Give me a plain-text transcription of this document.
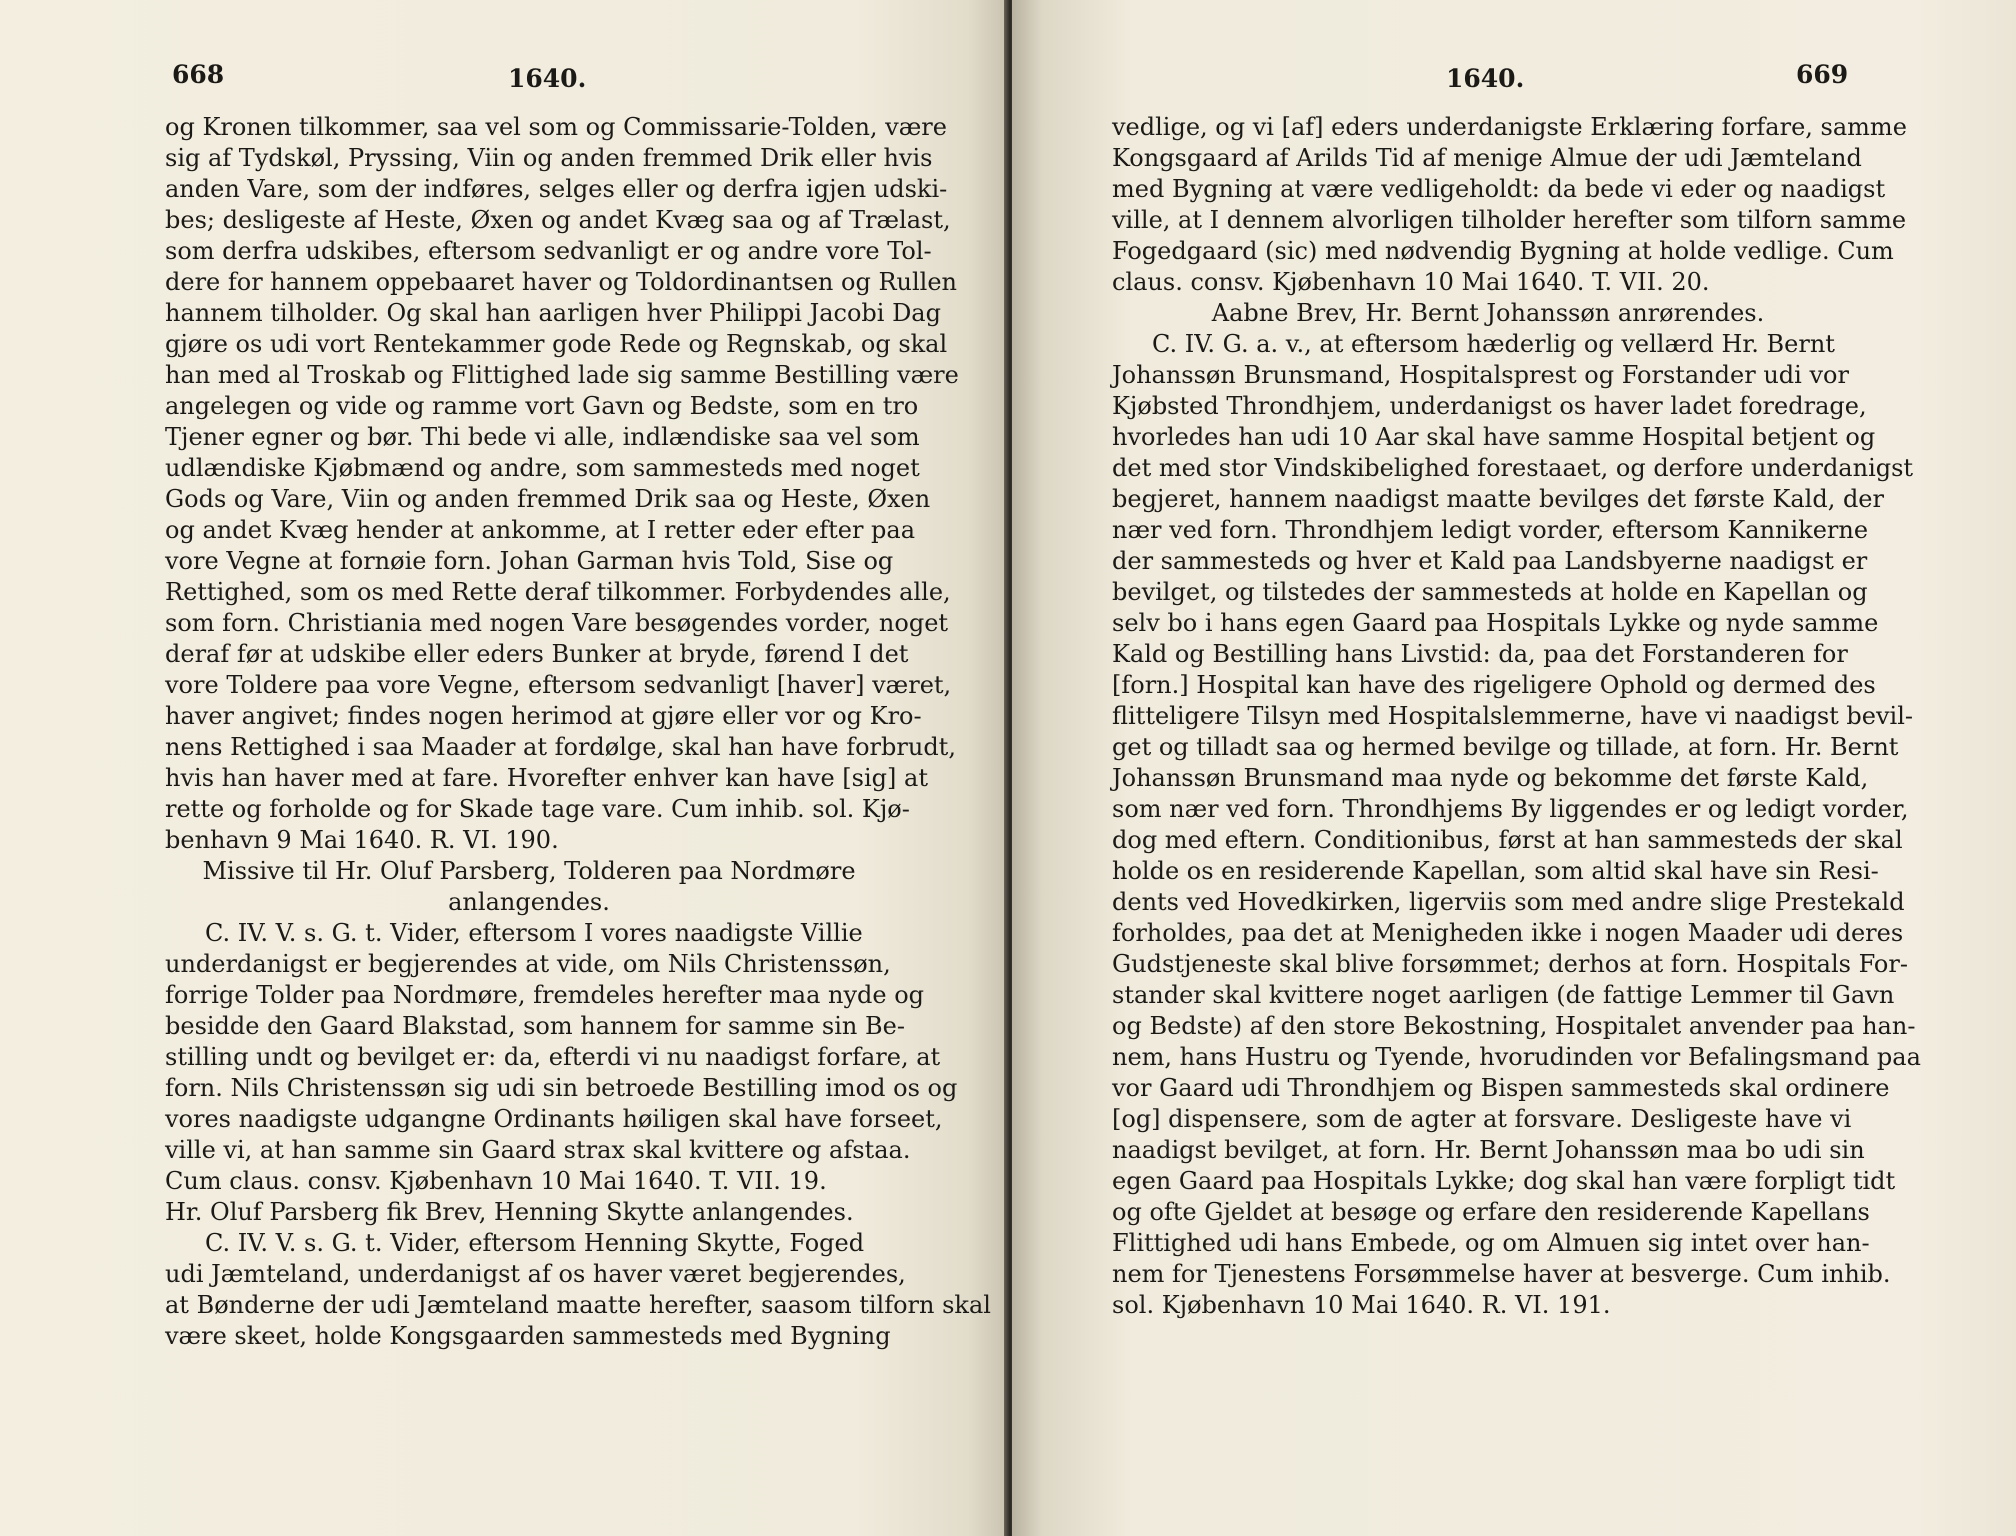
668	1640.
og Kronen tilkommer, saa vel som og Commissarie-Tolden, være
sig af Tydskøl, Pryssing, Viin og anden fremmed Drik eller hvis
anden Vare, som der indføres, selges eller og derfra igjen udski-
bes; desligeste af Heste, Øxen og andet Kvæg saa og af Trælast,
som derfra udskibes, eftersom sedvanligt er og andre vore Tol-
dere for hannem oppebaaret haver og Toldordinantsen og Rullen
hannem tilholder. Og skal han aarligen hver Philippi Jacobi Dag
gjøre os udi vort Rentekammer gode Rede og Regnskab, og skal
han med al Troskab og Flittighed lade sig samme Bestilling være
angelegen og vide og ramme vort Gavn og Bedste, som en tro
Tjener egner og bør. Thi bede vi alle, indlændiske saa vel som
udlændiske Kjøbmænd og andre, som sammesteds med noget
Gods og Vare, Viin og anden fremmed Drik saa og Heste, Øxen
og andet Kvæg hender at ankomme, at I retter eder efter paa
vore Vegne at fornøie forn. Johan Garman hvis Told, Sise og
Rettighed, som os med Rette deraf tilkommer. Forbydendes alle,
som forn. Christiania med nogen Vare besøgendes vorder, noget
deraf før at udskibe eller eders Bunker at bryde, førend I det
vore Toldere paa vore Vegne, eftersom sedvanligt [haver] været,
haver angivet; findes nogen herimod at gjøre eller vor og Kro-
nens Rettighed i saa Maader at fordølge, skal han have forbrudt,
hvis han haver med at fare. Hvorefter enhver kan have [sig] at
rette og forholde og for Skade tage vare. Cum inhib. sol. Kjø-
benhavn 9 Mai 1640. R. VI. 190.
Missive til Hr. Oluf Parsberg, Tolderen paa Nordmøre
anlangendes.
C. IV. V. s. G. t. Vider, eftersom I vores naadigste Villie
underdanigst er begjerendes at vide, om Nils Christenssøn,
forrige Tolder paa Nordmøre, fremdeles herefter maa nyde og
besidde den Gaard Blakstad, som hannem for samme sin Be-
stilling undt og bevilget er: da, efterdi vi nu naadigst forfare, at
forn. Nils Christenssøn sig udi sin betroede Bestilling imod os og
vores naadigste udgangne Ordinants høiligen skal have forseet,
ville vi, at han samme sin Gaard strax skal kvittere og afstaa.
Cum claus. consv. Kjøbenhavn 10 Mai 1640. T. VII. 19.
Hr. Oluf Parsberg fik Brev, Henning Skytte anlangendes.
C. IV. V. s. G. t. Vider, eftersom Henning Skytte, Foged
udi Jæmteland, underdanigst af os haver været begjerendes,
at Bønderne der udi Jæmteland maatte herefter, saasom tilforn skal
være skeet, holde Kongsgaarden sammesteds med Bygning
1640.	669
vedlige, og vi [af] eders underdanigste Erklæring forfare, samme
Kongsgaard af Arilds Tid af menige Almue der udi Jæmteland
med Bygning at være vedligeholdt: da bede vi eder og naadigst
ville, at I dennem alvorligen tilholder herefter som tilforn samme
Fogedgaard (sic) med nødvendig Bygning at holde vedlige. Cum
claus. consv. Kjøbenhavn 10 Mai 1640. T. VII. 20.
Aabne Brev, Hr. Bernt Johanssøn anrørendes.
C. IV. G. a. v., at eftersom hæderlig og vellærd Hr. Bernt
Johanssøn Brunsmand, Hospitalsprest og Forstander udi vor
Kjøbsted Throndhjem, underdanigst os haver ladet foredrage,
hvorledes han udi 10 Aar skal have samme Hospital betjent og
det med stor Vindskibelighed forestaaet, og derfore underdanigst
begjeret, hannem naadigst maatte bevilges det første Kald, der
nær ved forn. Throndhjem ledigt vorder, eftersom Kannikerne
der sammesteds og hver et Kald paa Landsbyerne naadigst er
bevilget, og tilstedes der sammesteds at holde en Kapellan og
selv bo i hans egen Gaard paa Hospitals Lykke og nyde samme
Kald og Bestilling hans Livstid: da, paa det Forstanderen for
[forn.] Hospital kan have des rigeligere Ophold og dermed des
flitteligere Tilsyn med Hospitalslemmerne, have vi naadigst bevil-
get og tilladt saa og hermed bevilge og tillade, at forn. Hr. Bernt
Johanssøn Brunsmand maa nyde og bekomme det første Kald,
som nær ved forn. Throndhjems By liggendes er og ledigt vorder,
dog med eftern. Conditionibus, først at han sammesteds der skal
holde os en residerende Kapellan, som altid skal have sin Resi-
dents ved Hovedkirken, ligerviis som med andre slige Prestekald
forholdes, paa det at Menigheden ikke i nogen Maader udi deres
Gudstjeneste skal blive forsømmet; derhos at forn. Hospitals For-
stander skal kvittere noget aarligen (de fattige Lemmer til Gavn
og Bedste) af den store Bekostning, Hospitalet anvender paa han-
nem, hans Hustru og Tyende, hvorudinden vor Befalingsmand paa
vor Gaard udi Throndhjem og Bispen sammesteds skal ordinere
[og] dispensere, som de agter at forsvare. Desligeste have vi
naadigst bevilget, at forn. Hr. Bernt Johanssøn maa bo udi sin
egen Gaard paa Hospitals Lykke; dog skal han være forpligt tidt
og ofte Gjeldet at besøge og erfare den residerende Kapellans
Flittighed udi hans Embede, og om Almuen sig intet over han-
nem for Tjenestens Forsømmelse haver at besverge. Cum inhib.
sol. Kjøbenhavn 10 Mai 1640. R. VI. 191.
